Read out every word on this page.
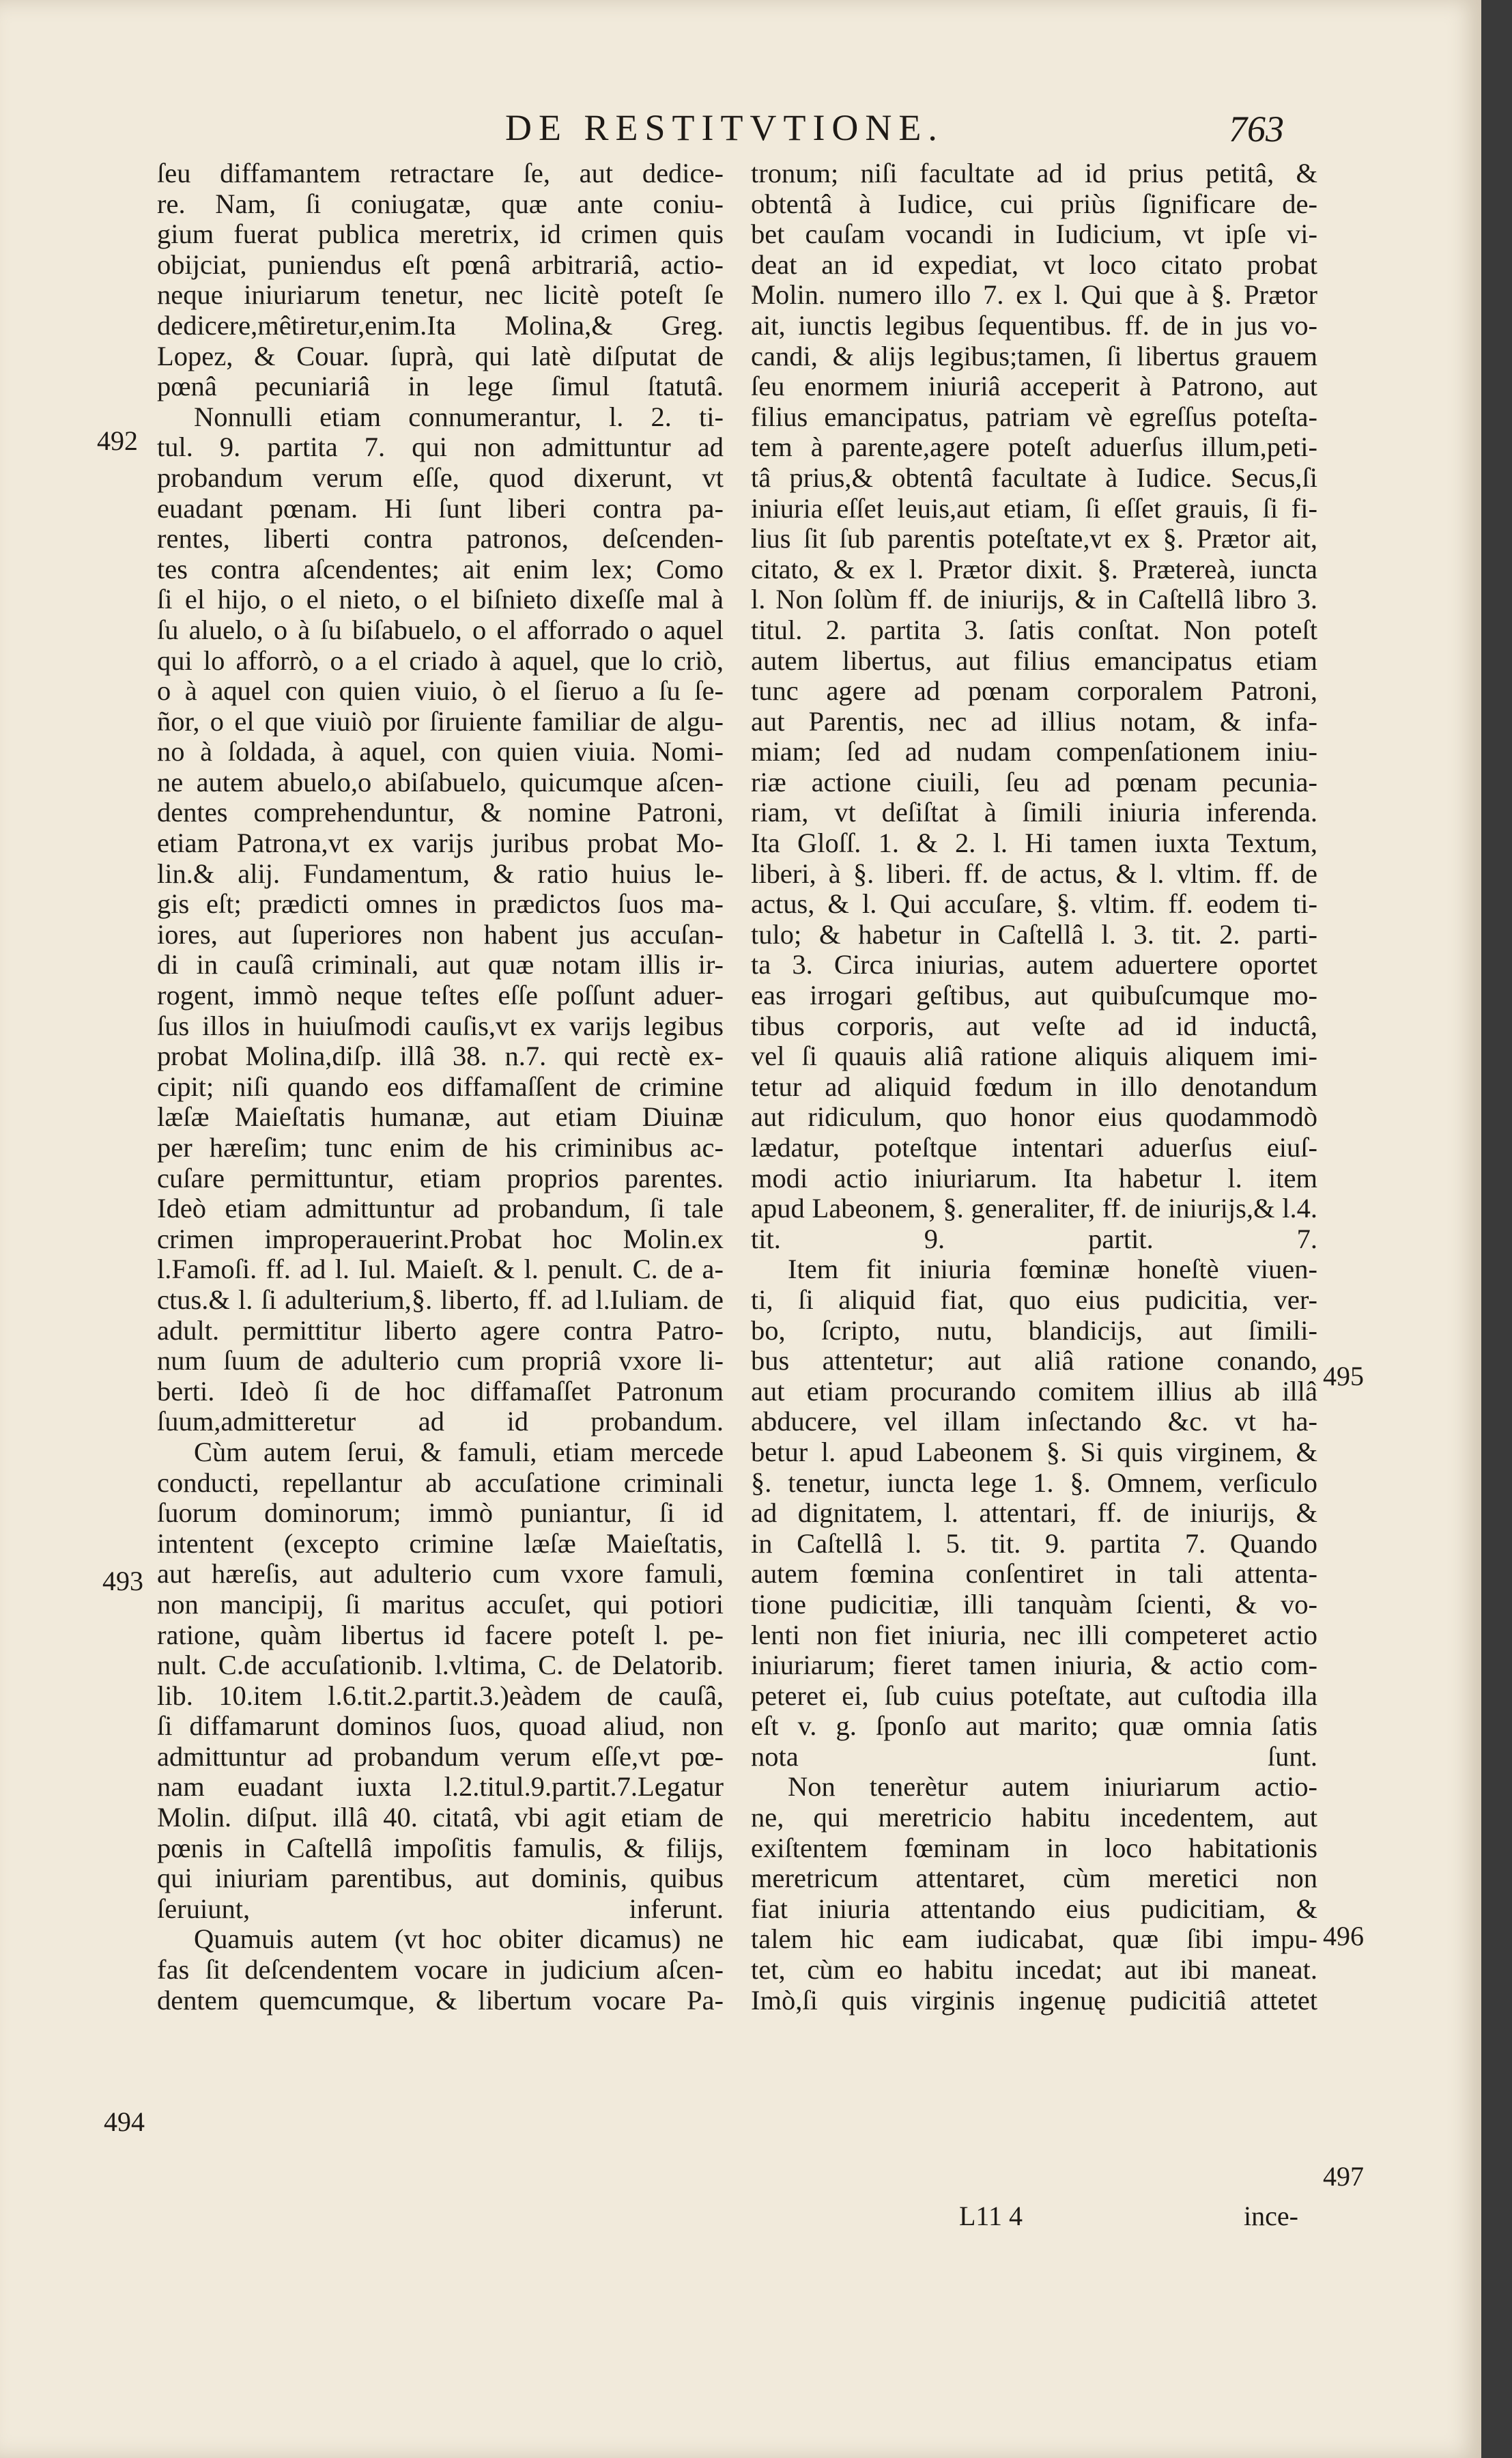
DE RESTITVTIONE.	763

ſeu diffamantem retractare ſe, aut dedice-

re. Nam, ſi coniugatæ, quæ ante coniu-

gium fuerat publica meretrix, id crimen quis

obijciat, puniendus eſt pœnâ arbitrariâ, actio-

neque iniuriarum tenetur, nec licitè poteſt ſe

dedicere,mêtiretur,enim.Ita Molina,& Greg.

Lopez, & Couar. ſuprà, qui latè diſputat de

pœnâ pecuniariâ in lege ſimul ſtatutâ.

Nonnulli etiam connumerantur, l. 2. ti-

tul. 9. partita 7. qui non admittuntur ad

probandum verum eſſe, quod dixerunt, vt

euadant pœnam. Hi ſunt liberi contra pa-

rentes, liberti contra patronos, deſcenden-

tes contra aſcendentes; ait enim lex; Como

ſi el hijo, o el nieto, o el biſnieto dixeſſe mal à

ſu aluelo, o à ſu biſabuelo, o el afforrado o aquel

qui lo afforrò, o a el criado à aquel, que lo criò,

o à aquel con quien viuio, ò el ſieruo a ſu ſe-

ñor, o el que viuiò por ſiruiente familiar de algu-

no à ſoldada, à aquel, con quien viuia. Nomi-

ne autem abuelo,o abiſabuelo, quicumque aſcen-

dentes comprehenduntur, & nomine Patroni,

etiam Patrona,vt ex varijs juribus probat Mo-

lin.& alij. Fundamentum, & ratio huius le-

gis eſt; prædicti omnes in prædictos ſuos ma-

iores, aut ſuperiores non habent jus accuſan-

di in cauſâ criminali, aut quæ notam illis ir-

rogent, immò neque teſtes eſſe poſſunt aduer-

ſus illos in huiuſmodi cauſis,vt ex varijs legibus

probat Molina,diſp. illâ 38. n.7. qui rectè ex-

cipit; niſi quando eos diffamaſſent de crimine

læſæ Maieſtatis humanæ, aut etiam Diuinæ

per hæreſim; tunc enim de his criminibus ac-

cuſare permittuntur, etiam proprios parentes.

Ideò etiam admittuntur ad probandum, ſi tale

crimen improperauerint.Probat hoc Molin.ex

l.Famoſi. ff. ad l. Iul. Maieſt. & l. penult. C. de a-

ctus.& l. ſi adulterium,§. liberto, ff. ad l.Iuliam. de

adult. permittitur liberto agere contra Patro-

num ſuum de adulterio cum propriâ vxore li-

berti. Ideò ſi de hoc diffamaſſet Patronum

ſuum,admitteretur ad id probandum.

Cùm autem ſerui, & famuli, etiam mercede

conducti, repellantur ab accuſatione criminali

ſuorum dominorum; immò puniantur, ſi id

intentent (excepto crimine læſæ Maieſtatis,

aut hæreſis, aut adulterio cum vxore famuli,

non mancipij, ſi maritus accuſet, qui potiori

ratione, quàm libertus id facere poteſt l. pe-

nult. C.de accuſationib. l.vltima, C. de Delatorib.

lib. 10.item l.6.tit.2.partit.3.)eàdem de cauſâ,

ſi diffamarunt dominos ſuos, quoad aliud, non

admittuntur ad probandum verum eſſe,vt pœ-

nam euadant iuxta l.2.titul.9.partit.7.Legatur

Molin. diſput. illâ 40. citatâ, vbi agit etiam de

pœnis in Caſtellâ impoſitis famulis, & filijs,

qui iniuriam parentibus, aut dominis, quibus

ſeruiunt, inferunt.

Quamuis autem (vt hoc obiter dicamus) ne

fas ſit deſcendentem vocare in judicium aſcen-

dentem quemcumque, & libertum vocare Pa-

tronum; niſi facultate ad id prius petitâ, &

obtentâ à Iudice, cui priùs ſignificare de-

bet cauſam vocandi in Iudicium, vt ipſe vi-

deat an id expediat, vt loco citato probat

Molin. numero illo 7. ex l. Qui que à §. Prætor

ait, iunctis legibus ſequentibus. ff. de in jus vo-

candi, & alijs legibus;tamen, ſi libertus grauem

ſeu enormem iniuriâ acceperit à Patrono, aut

filius emancipatus, patriam vè egreſſus poteſta-

tem à parente,agere poteſt aduerſus illum,peti-

tâ prius,& obtentâ facultate à Iudice. Secus,ſi

iniuria eſſet leuis,aut etiam, ſi eſſet grauis, ſi fi-

lius ſit ſub parentis poteſtate,vt ex §. Prætor ait,

citato, & ex l. Prætor dixit. §. Prætereà, iuncta

l. Non ſolùm ff. de iniurijs, & in Caſtellâ libro 3.

titul. 2. partita 3. ſatis conſtat. Non poteſt

autem libertus, aut filius emancipatus etiam

tunc agere ad pœnam corporalem Patroni,

aut Parentis, nec ad illius notam, & infa-

miam; ſed ad nudam compenſationem iniu-

riæ actione ciuili, ſeu ad pœnam pecunia-

riam, vt deſiſtat à ſimili iniuria inferenda.

Ita Gloſſ. 1. & 2. l. Hi tamen iuxta Textum,

liberi, à §. liberi. ff. de actus, & l. vltim. ff. de

actus, & l. Qui accuſare, §. vltim. ff. eodem ti-

tulo; & habetur in Caſtellâ l. 3. tit. 2. parti-

ta 3. Circa iniurias, autem aduertere oportet

eas irrogari geſtibus, aut quibuſcumque mo-

tibus corporis, aut veſte ad id inductâ,

vel ſi quauis aliâ ratione aliquis aliquem imi-

tetur ad aliquid fœdum in illo denotandum

aut ridiculum, quo honor eius quodammodò

lædatur, poteſtque intentari aduerſus eiuſ-

modi actio iniuriarum. Ita habetur l. item

apud Labeonem, §. generaliter, ff. de iniurijs,& l.4.

tit. 9. partit. 7.

Item fit iniuria fœminæ honeſtè viuen-

ti, ſi aliquid fiat, quo eius pudicitia, ver-

bo, ſcripto, nutu, blandicijs, aut ſimili-

bus attentetur; aut aliâ ratione conando,

aut etiam procurando comitem illius ab illâ

abducere, vel illam inſectando &c. vt ha-

betur l. apud Labeonem §. Si quis virginem, &

§. tenetur, iuncta lege 1. §. Omnem, verſiculo

ad dignitatem, l. attentari, ff. de iniurijs, &

in Caſtellâ l. 5. tit. 9. partita 7. Quando

autem fœmina conſentiret in tali attenta-

tione pudicitiæ, illi tanquàm ſcienti, & vo-

lenti non fiet iniuria, nec illi competeret actio

iniuriarum; fieret tamen iniuria, & actio com-

peteret ei, ſub cuius poteſtate, aut cuſtodia illa

eſt v. g. ſponſo aut marito; quæ omnia ſatis

nota ſunt.

Non tenerètur autem iniuriarum actio-

ne, qui meretricio habitu incedentem, aut

exiſtentem fœminam in loco habitationis

meretricum attentaret, cùm meretici non

fiat iniuria attentando eius pudicitiam, &

talem hic eam iudicabat, quæ ſibi impu-

tet, cùm eo habitu incedat; aut ibi maneat.

Imò,ſi quis virginis ingenuę pudicitiâ attetet

492
493
494
495
496
497
L11 4	ince-
